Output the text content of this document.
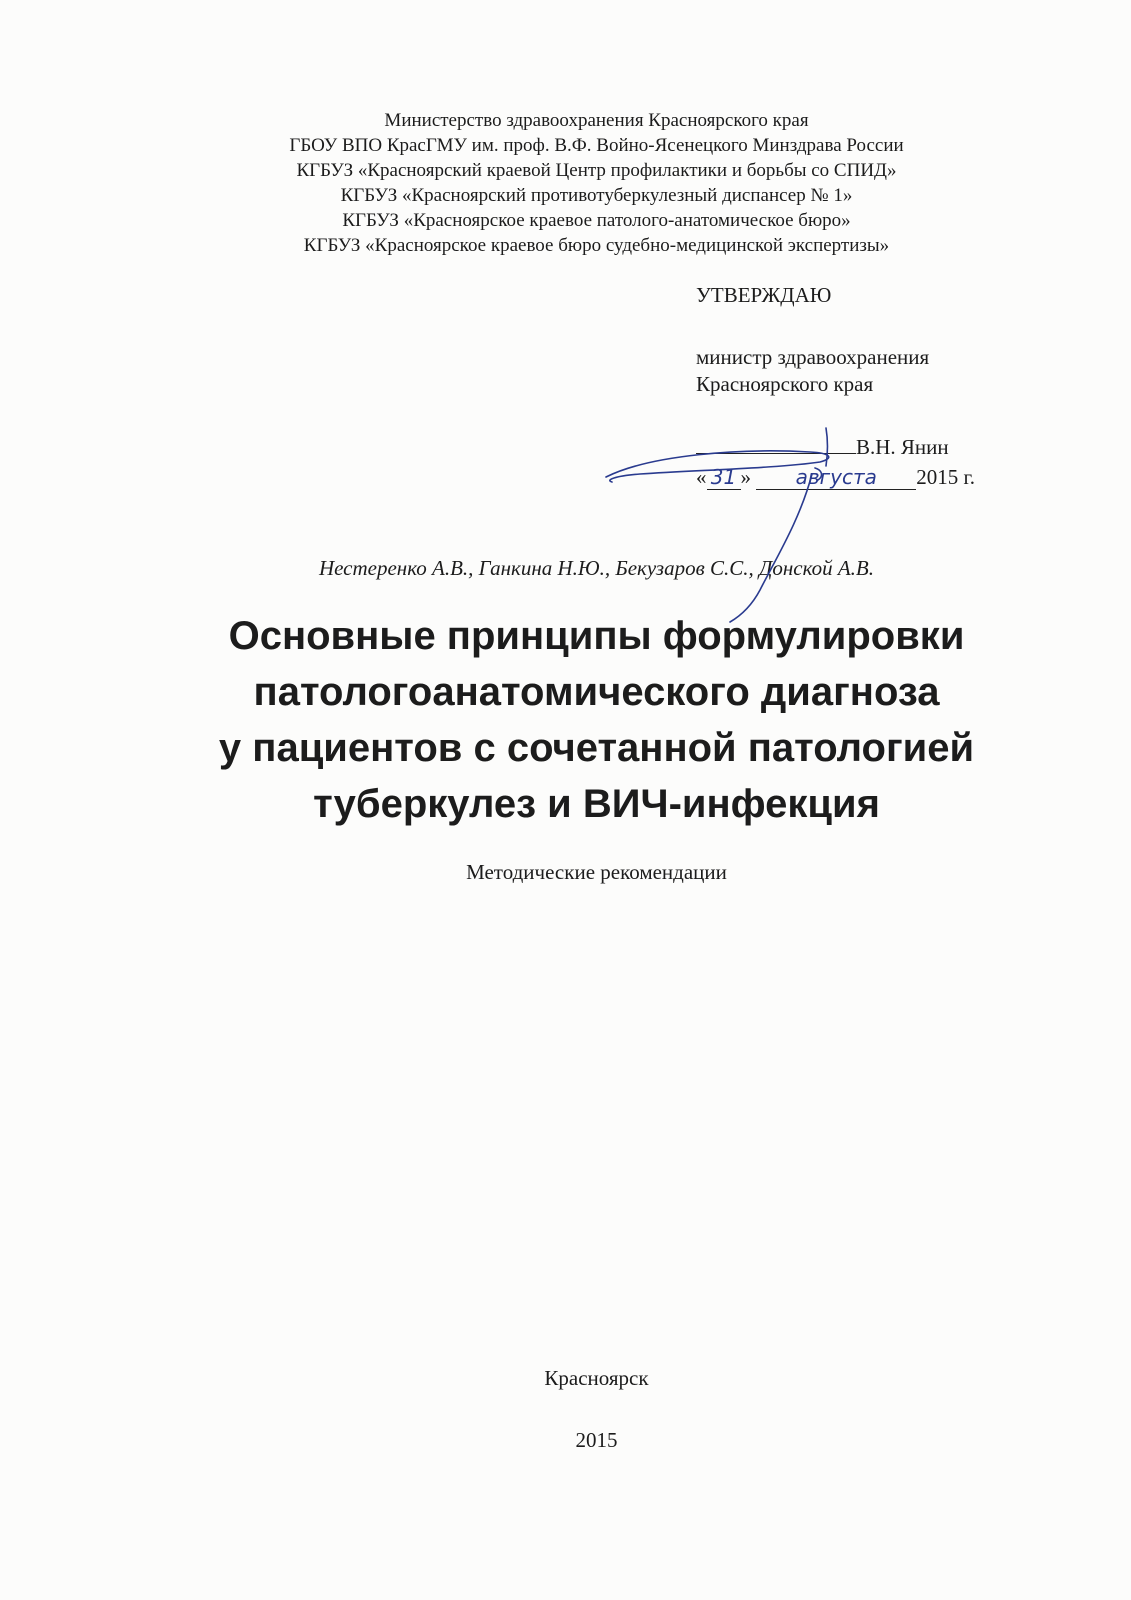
Министерство здравоохранения Красноярского края
ГБОУ ВПО КрасГМУ им. проф. В.Ф. Войно-Ясенецкого Минздрава России
КГБУЗ «Красноярский краевой Центр профилактики и борьбы со СПИД»
КГБУЗ «Красноярский противотуберкулезный диспансер № 1»
КГБУЗ «Красноярское краевое патолого-анатомическое бюро»
КГБУЗ «Красноярское краевое бюро судебно-медицинской экспертизы»
УТВЕРЖДАЮ
министр здравоохранения
Красноярского края
В.Н. Янин
« 31 » августа 2015 г.
Нестеренко А.В., Ганкина Н.Ю., Бекузаров С.С., Донской А.В.
Основные принципы формулировки
патологоанатомического диагноза
у пациентов с сочетанной патологией
туберкулез и ВИЧ-инфекция
Методические рекомендации
Красноярск
2015
